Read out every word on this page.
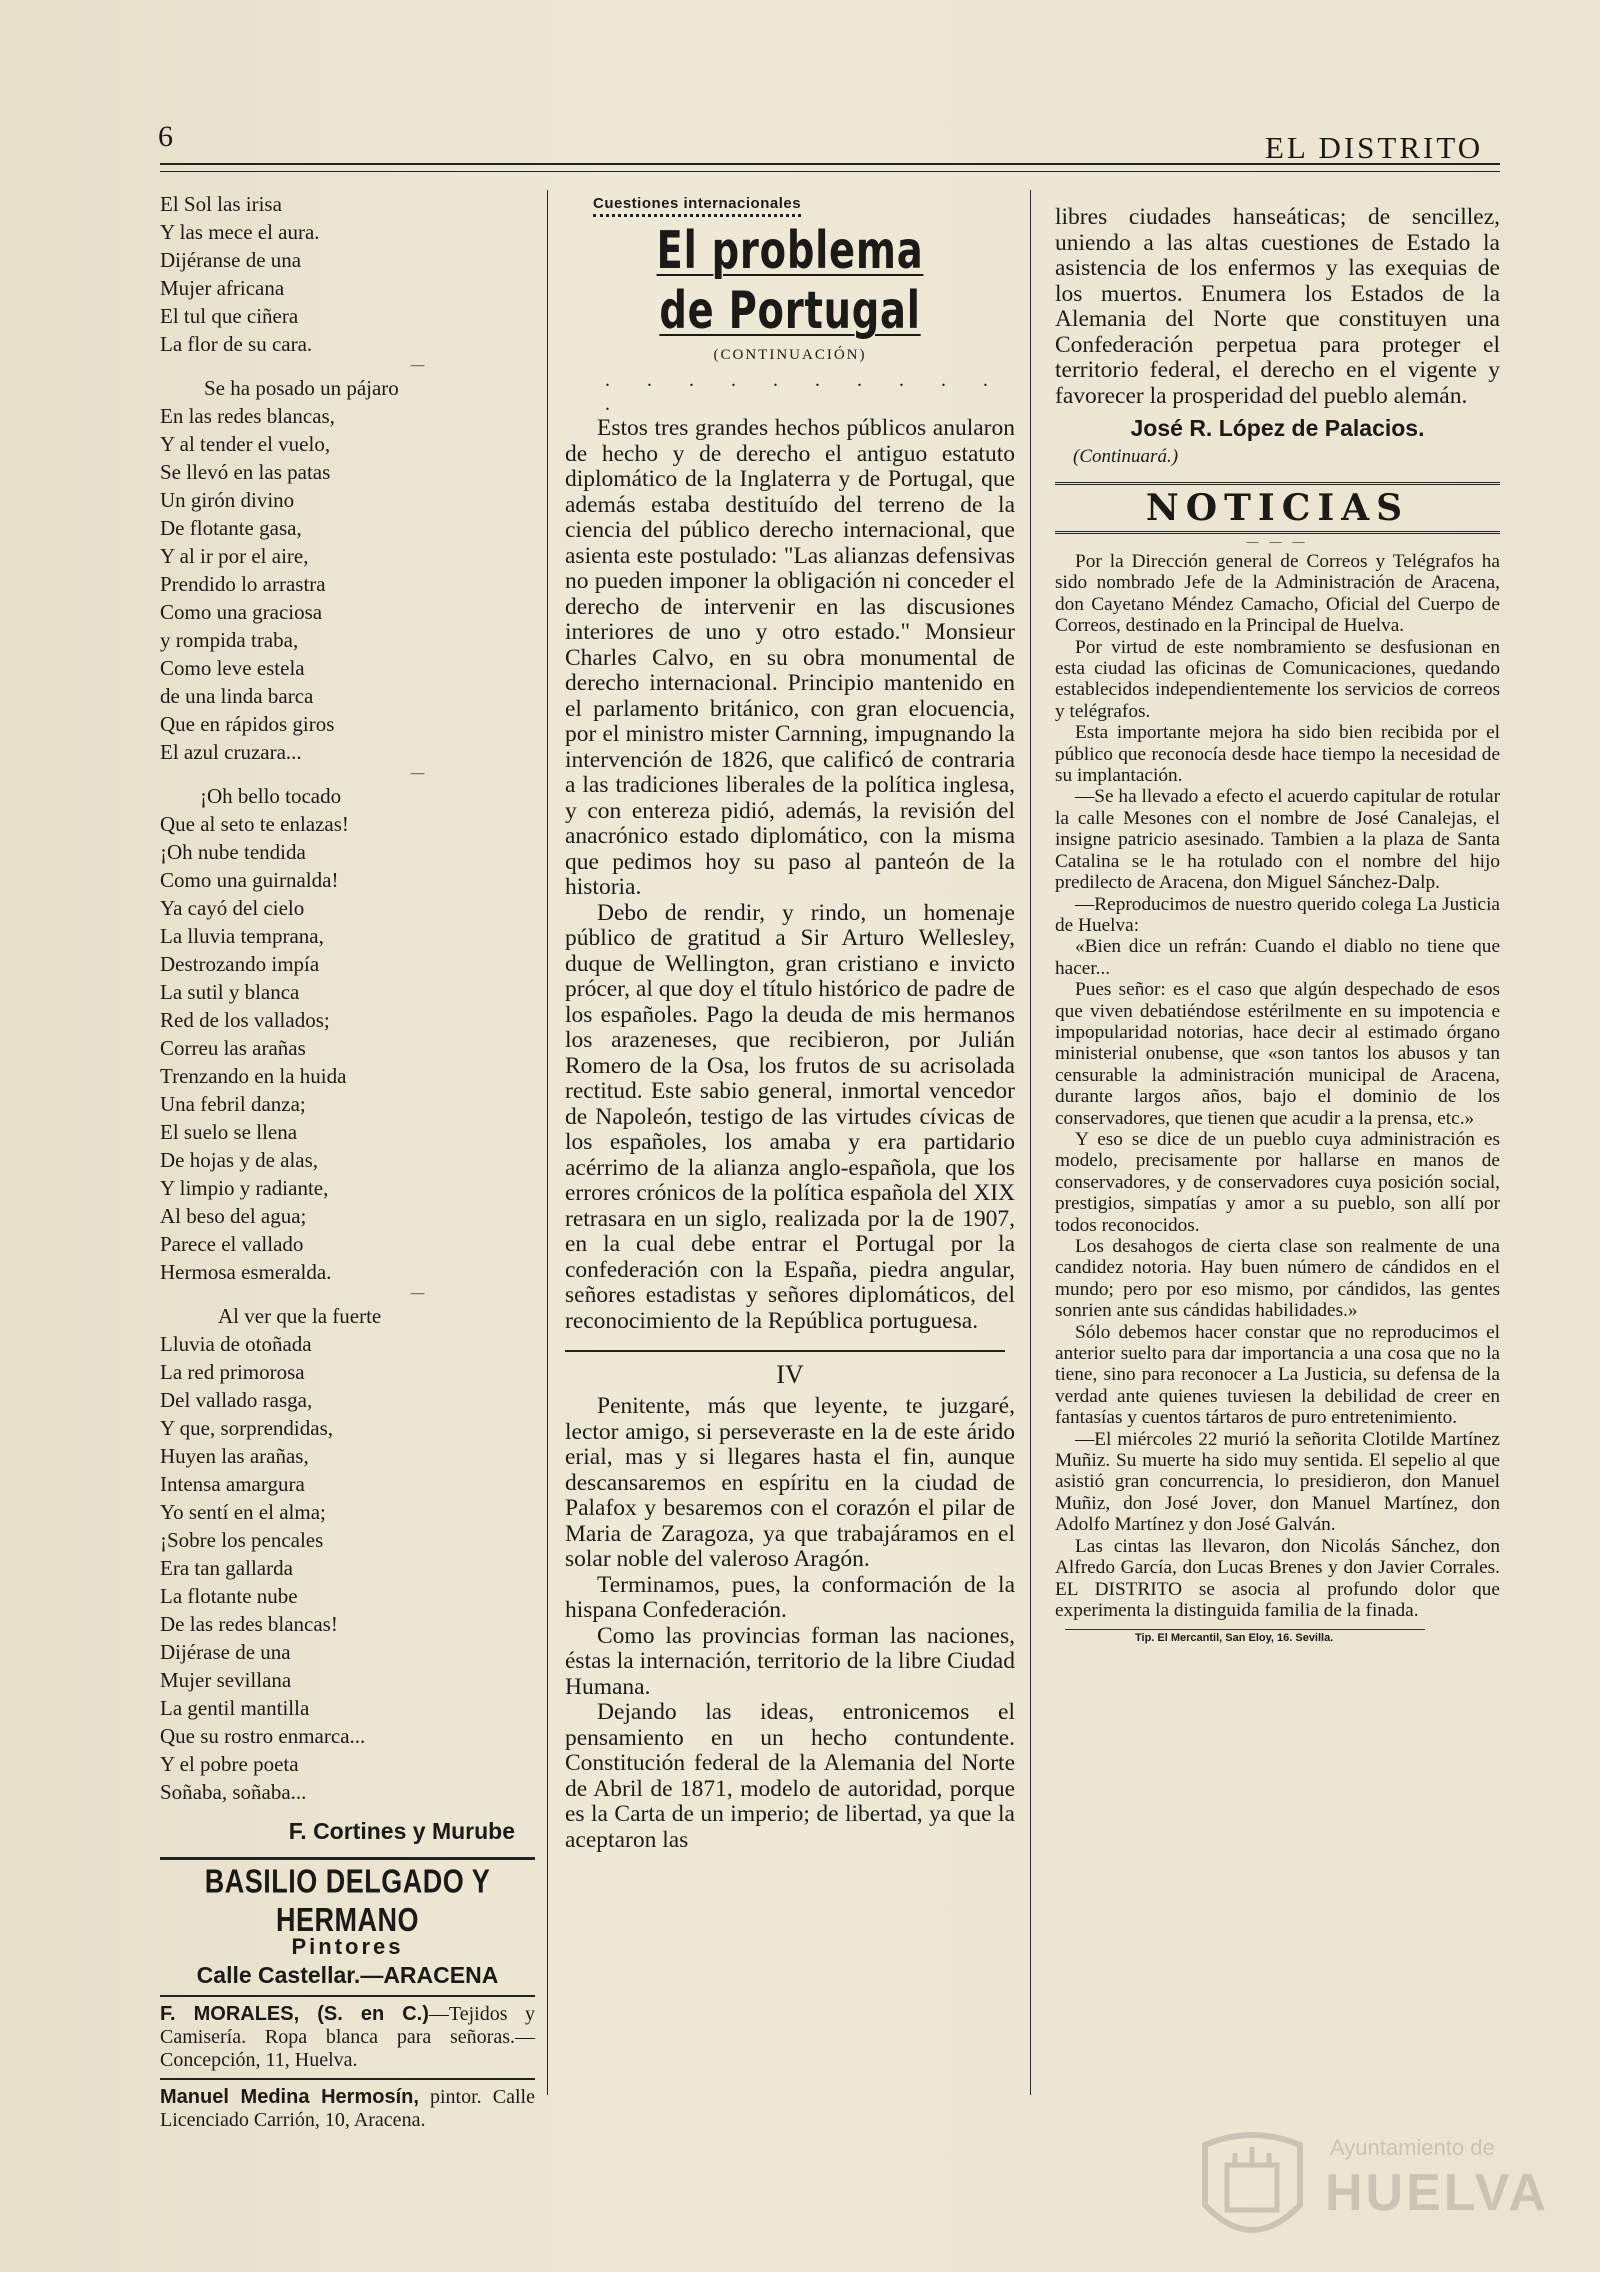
6	EL DISTRITO
El Sol las irisa
Y las mece el aura.
Dijéranse de una
Mujer africana
El tul que ciñera
La flor de su cara.
—
Se ha posado un pájaro
En las redes blancas,
Y al tender el vuelo,
Se llevó en las patas
Un girón divino
De flotante gasa,
Y al ir por el aire,
Prendido lo arrastra
Como una graciosa
y rompida traba,
Como leve estela
de una linda barca
Que en rápidos giros
El azul cruzara...
—
¡Oh bello tocado
Que al seto te enlazas!
¡Oh nube tendida
Como una guirnalda!
Ya cayó del cielo
La lluvia temprana,
Destrozando impía
La sutil y blanca
Red de los vallados;
Correu las arañas
Trenzando en la huida
Una febril danza;
El suelo se llena
De hojas y de alas,
Y limpio y radiante,
Al beso del agua;
Parece el vallado
Hermosa esmeralda.
—
Al ver que la fuerte
Lluvia de otoñada
La red primorosa
Del vallado rasga,
Y que, sorprendidas,
Huyen las arañas,
Intensa amargura
Yo sentí en el alma;
¡Sobre los pencales
Era tan gallarda
La flotante nube
De las redes blancas!
Dijérase de una
Mujer sevillana
La gentil mantilla
Que su rostro enmarca...
Y el pobre poeta
Soñaba, soñaba...
F. Cortines y Murube
BASILIO DELGADO Y HERMANO
Pintores
Calle Castellar.—ARACENA
F. MORALES, (S. en C.)—Tejidos y Camisería. Ropa blanca para señoras.—Concepción, 11, Huelva.
Manuel Medina Hermosín, pintor. Calle Licenciado Carrión, 10, Aracena.
Cuestiones internacionales
El problema de Portugal
(CONTINUACIÓN)
. . . . . . . . . . .

Estos tres grandes hechos públicos anularon de hecho y de derecho el antiguo estatuto diplomático de la Inglaterra y de Portugal, que además estaba destituído del terreno de la ciencia del público derecho internacional, que asienta este postulado: "Las alianzas defensivas no pueden imponer la obligación ni conceder el derecho de intervenir en las discusiones interiores de uno y otro estado." Monsieur Charles Calvo, en su obra monumental de derecho internacional. Principio mantenido en el parlamento británico, con gran elocuencia, por el ministro mister Carnning, impugnando la intervención de 1826, que calificó de contraria a las tradiciones liberales de la política inglesa, y con entereza pidió, además, la revisión del anacrónico estado diplomático, con la misma que pedimos hoy su paso al panteón de la historia.

Debo de rendir, y rindo, un homenaje público de gratitud a Sir Arturo Wellesley, duque de Wellington, gran cristiano e invicto prócer, al que doy el título histórico de padre de los españoles. Pago la deuda de mis hermanos los arazeneses, que recibieron, por Julián Romero de la Osa, los frutos de su acrisolada rectitud. Este sabio general, inmortal vencedor de Napoleón, testigo de las virtudes cívicas de los españoles, los amaba y era partidario acérrimo de la alianza anglo-española, que los errores crónicos de la política española del XIX retrasara en un siglo, realizada por la de 1907, en la cual debe entrar el Portugal por la confederación con la España, piedra angular, señores estadistas y señores diplomáticos, del reconocimiento de la República portuguesa.

IV

Penitente, más que leyente, te juzgaré, lector amigo, si perseveraste en la de este árido erial, mas y si llegares hasta el fin, aunque descansaremos en espíritu en la ciudad de Palafox y besaremos con el corazón el pilar de Maria de Zaragoza, ya que trabajáramos en el solar noble del valeroso Aragón.

Terminamos, pues, la conformación de la hispana Confederación.

Como las provincias forman las naciones, éstas la internación, territorio de la libre Ciudad Humana.

Dejando las ideas, entronicemos el pensamiento en un hecho contundente. Constitución federal de la Alemania del Norte de Abril de 1871, modelo de autoridad, porque es la Carta de un imperio; de libertad, ya que la aceptaron las

libres ciudades hanseáticas; de sencillez, uniendo a las altas cuestiones de Estado la asistencia de los enfermos y las exequias de los muertos. Enumera los Estados de la Alemania del Norte que constituyen una Confederación perpetua para proteger el territorio federal, el derecho en el vigente y favorecer la prosperidad del pueblo alemán.

José R. López de Palacios.
(Continuará.)
NOTICIAS
— — —

Por la Dirección general de Correos y Telégrafos ha sido nombrado Jefe de la Administración de Aracena, don Cayetano Méndez Camacho, Oficial del Cuerpo de Correos, destinado en la Principal de Huelva.

Por virtud de este nombramiento se desfusionan en esta ciudad las oficinas de Comunicaciones, quedando establecidos independientemente los servicios de correos y telégrafos.

Esta importante mejora ha sido bien recibida por el público que reconocía desde hace tiempo la necesidad de su implantación.

—Se ha llevado a efecto el acuerdo capitular de rotular la calle Mesones con el nombre de José Canalejas, el insigne patricio asesinado. Tambien a la plaza de Santa Catalina se le ha rotulado con el nombre del hijo predilecto de Aracena, don Miguel Sánchez-Dalp.

—Reproducimos de nuestro querido colega La Justicia de Huelva:

«Bien dice un refrán: Cuando el diablo no tiene que hacer...

Pues señor: es el caso que algún despechado de esos que viven debatiéndose estérilmente en su impotencia e impopularidad notorias, hace decir al estimado órgano ministerial onubense, que «son tantos los abusos y tan censurable la administración municipal de Aracena, durante largos años, bajo el dominio de los conservadores, que tienen que acudir a la prensa, etc.»

Y eso se dice de un pueblo cuya administración es modelo, precisamente por hallarse en manos de conservadores, y de conservadores cuya posición social, prestigios, simpatías y amor a su pueblo, son allí por todos reconocidos.

Los desahogos de cierta clase son realmente de una candidez notoria. Hay buen número de cándidos en el mundo; pero por eso mismo, por cándidos, las gentes sonrien ante sus cándidas habilidades.»

Sólo debemos hacer constar que no reproducimos el anterior suelto para dar importancia a una cosa que no la tiene, sino para reconocer a La Justicia, su defensa de la verdad ante quienes tuviesen la debilidad de creer en fantasías y cuentos tártaros de puro entretenimiento.

—El miércoles 22 murió la señorita Clotilde Martínez Muñiz. Su muerte ha sido muy sentida. El sepelio al que asistió gran concurrencia, lo presidieron, don Manuel Muñiz, don José Jover, don Manuel Martínez, don Adolfo Martínez y don José Galván.

Las cintas las llevaron, don Nicolás Sánchez, don Alfredo García, don Lucas Brenes y don Javier Corrales. EL DISTRITO se asocia al profundo dolor que experimenta la distinguida familia de la finada.

Tip. El Mercantil, San Eloy, 16. Sevilla.
Ayuntamiento de
HUELVA
